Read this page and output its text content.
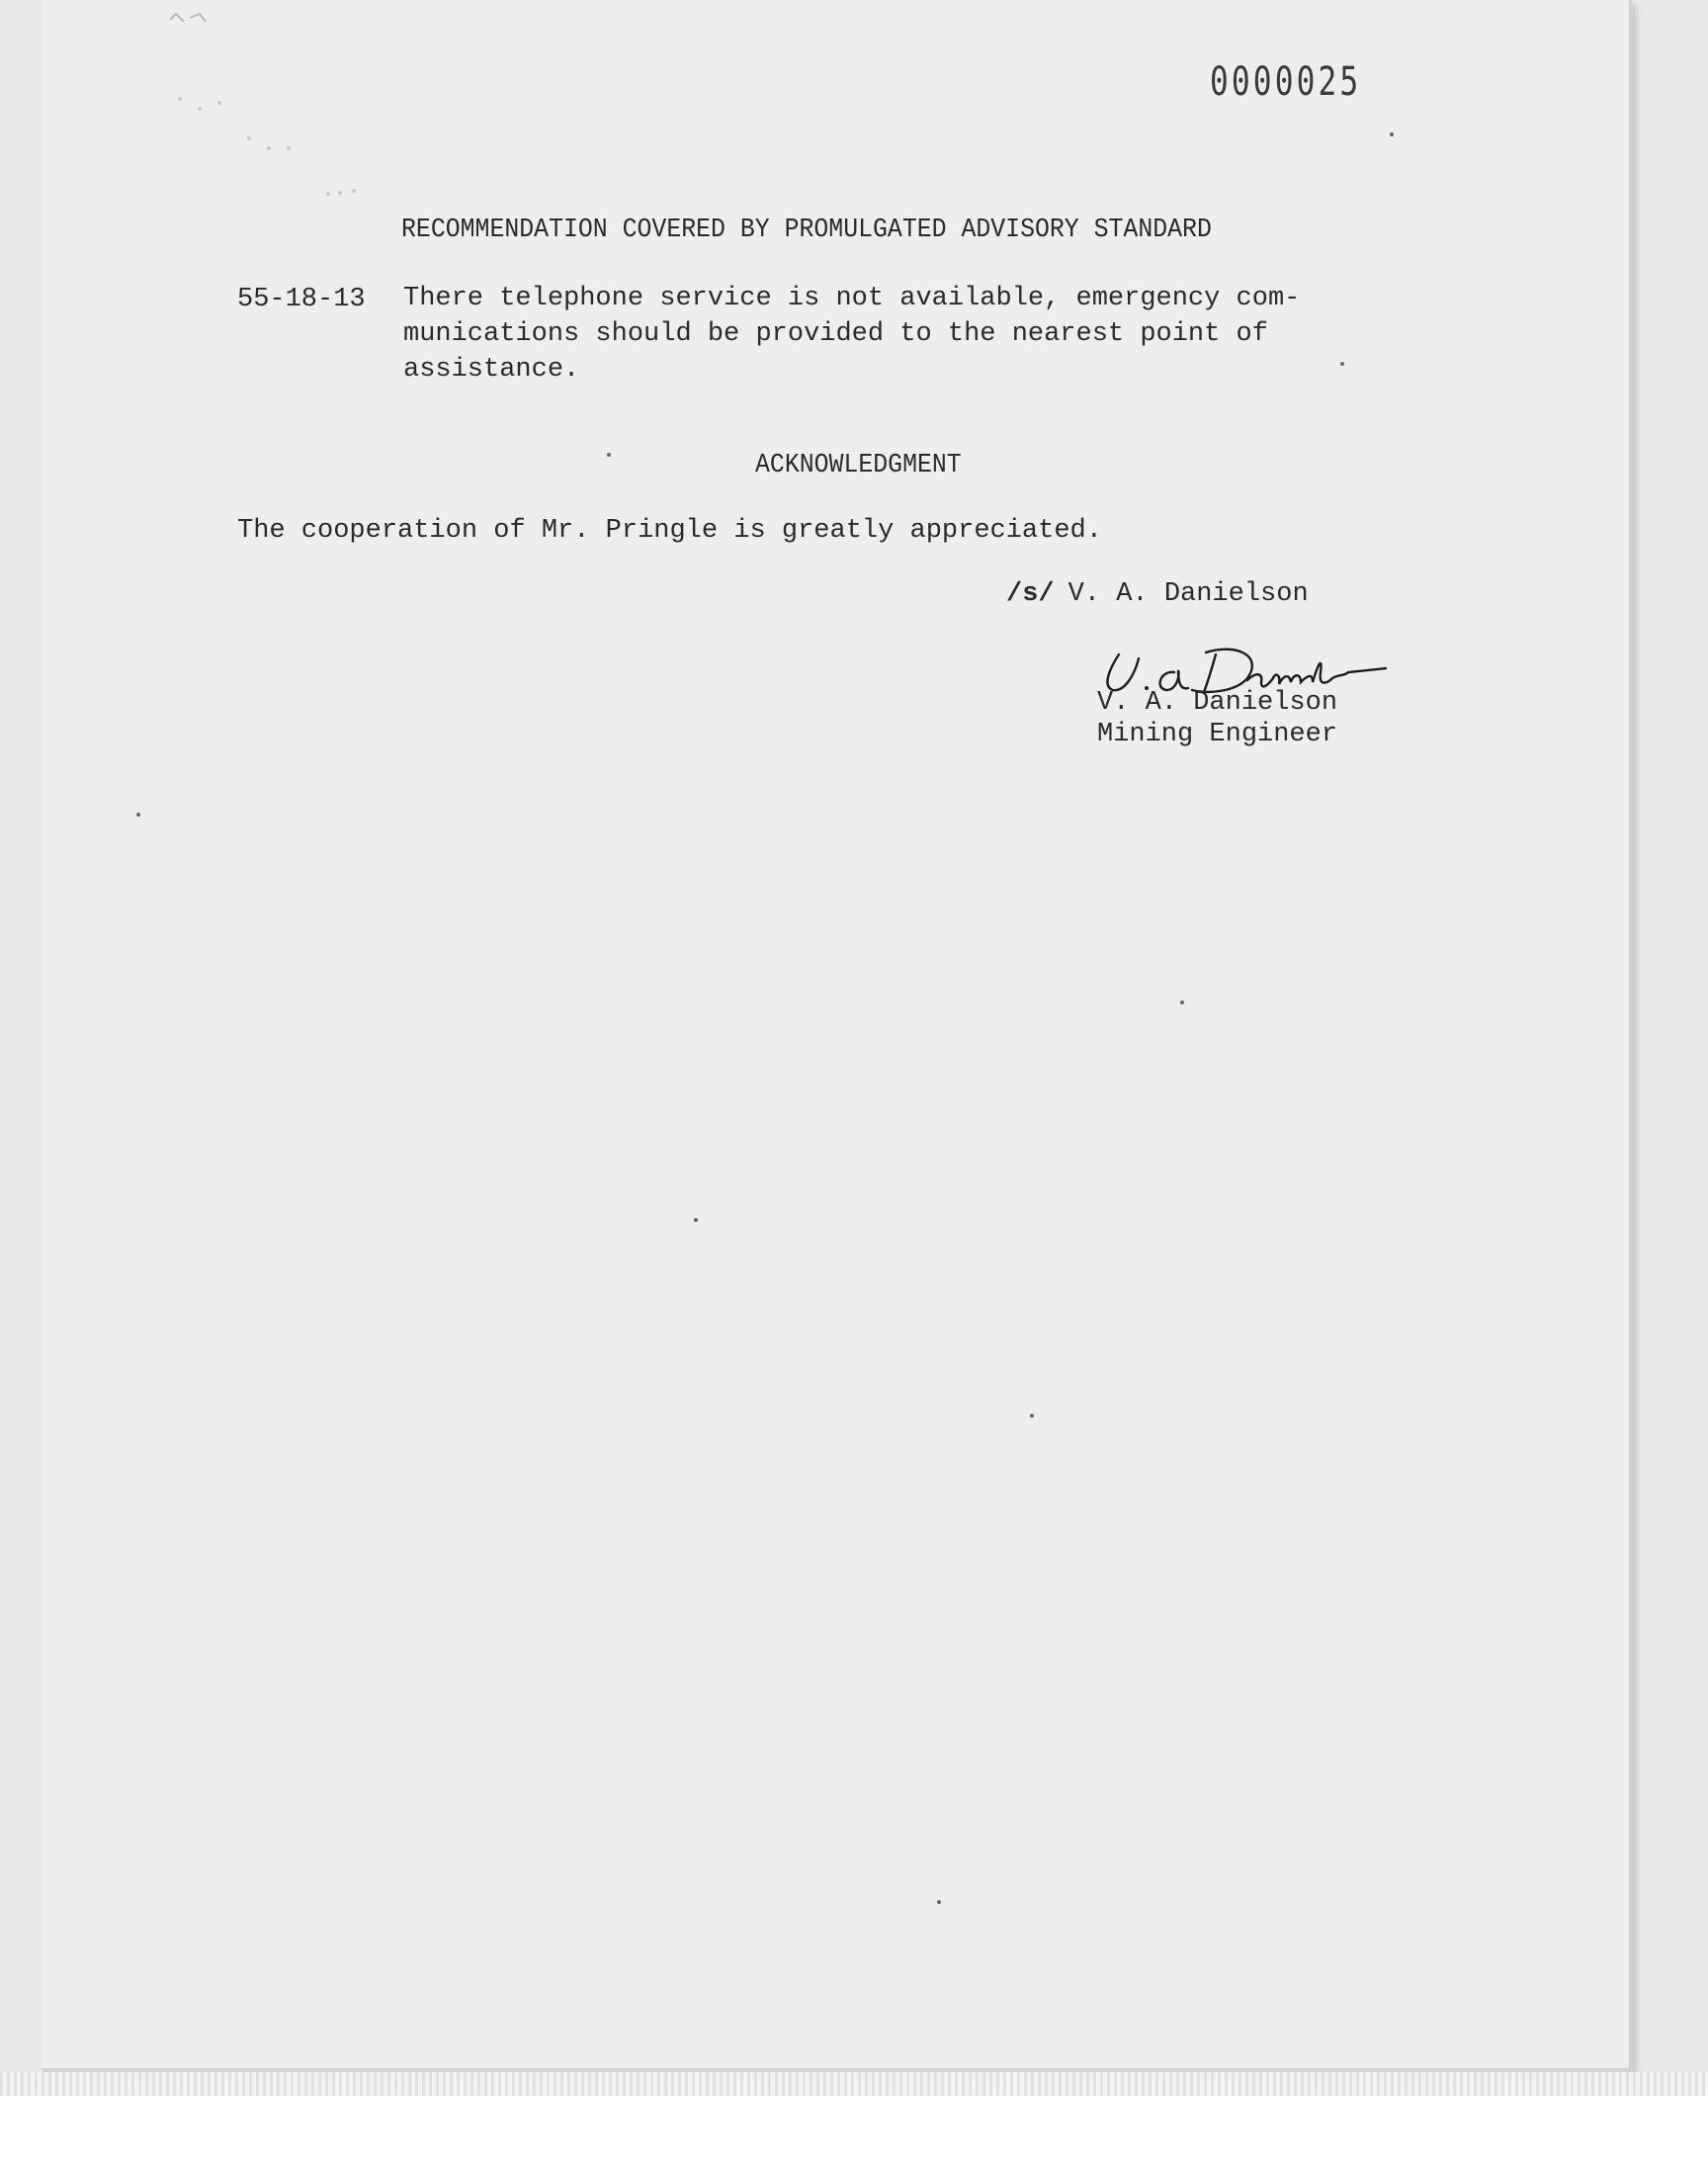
0000025
RECOMMENDATION COVERED BY PROMULGATED ADVISORY STANDARD
55-18-13 There telephone service is not available, emergency com-
munications should be provided to the nearest point of
assistance.
ACKNOWLEDGMENT
The cooperation of Mr. Pringle is greatly appreciated.
/s/ V. A. Danielson
V. A. Danielson
Mining Engineer
